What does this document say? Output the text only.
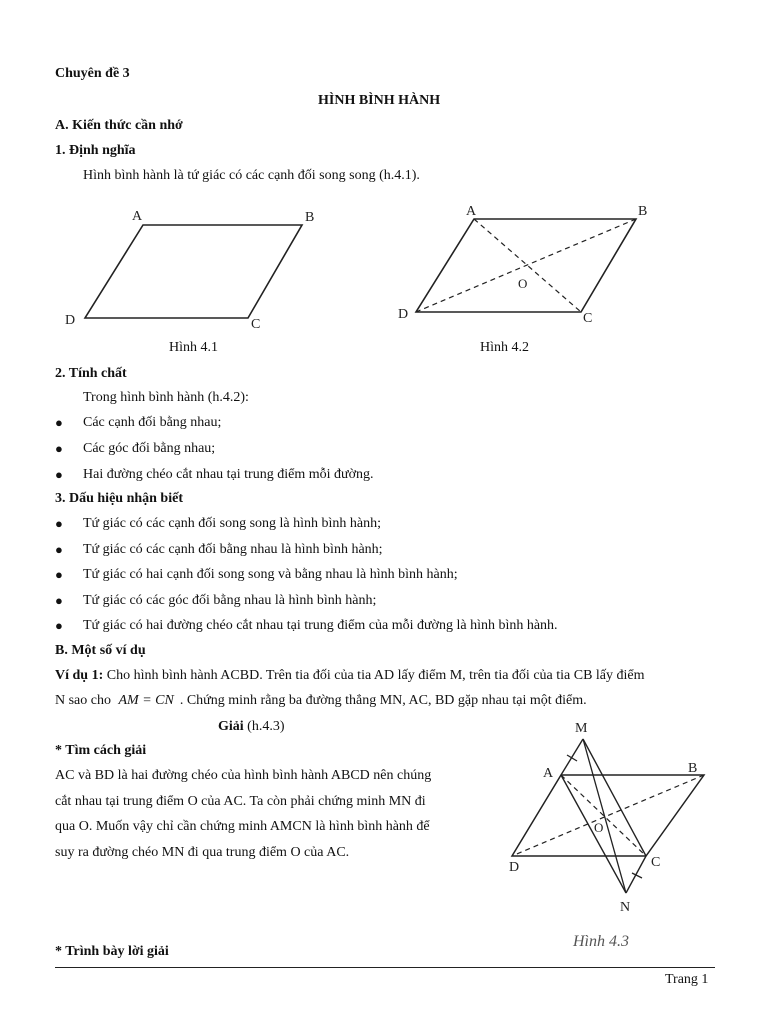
Chuyên đề 3
HÌNH BÌNH HÀNH
A. Kiến thức cần nhớ
1. Định nghĩa
Hình bình hành là tứ giác có các cạnh đối song song (h.4.1).
A	B
C
D
Hình 4.1
A	B
C
D
O
Hình 4.2
2. Tính chất
Trong hình bình hành (h.4.2):
● Các cạnh đối bằng nhau;
● Các góc đối bằng nhau;
● Hai đường chéo cắt nhau tại trung điểm mỗi đường.
3. Dấu hiệu nhận biết
● Tứ giác có các cạnh đối song song là hình bình hành;
● Tứ giác có các cạnh đối bằng nhau là hình bình hành;
● Tứ giác có hai cạnh đối song song và bằng nhau là hình bình hành;
● Tứ giác có các góc đối bằng nhau là hình bình hành;
● Tứ giác có hai đường chéo cắt nhau tại trung điểm của mỗi đường là hình bình hành.
B. Một số ví dụ
Ví dụ 1: Cho hình bình hành ACBD. Trên tia đối của tia AD lấy điểm M, trên tia đối của tia CB lấy điểm
N sao cho AM = CN . Chứng minh rằng ba đường thẳng MN, AC, BD gặp nhau tại một điểm.
Giải (h.4.3)
* Tìm cách giải
AC và BD là hai đường chéo của hình bình hành ABCD nên chúng
cắt nhau tại trung điểm O của AC. Ta còn phải chứng minh MN đi
qua O. Muốn vậy chỉ cần chứng minh AMCN là hình bình hành để
suy ra đường chéo MN đi qua trung điểm O của AC.
M
A	B
C
D
O
N
Hình 4.3
* Trình bày lời giải
Trang 1
